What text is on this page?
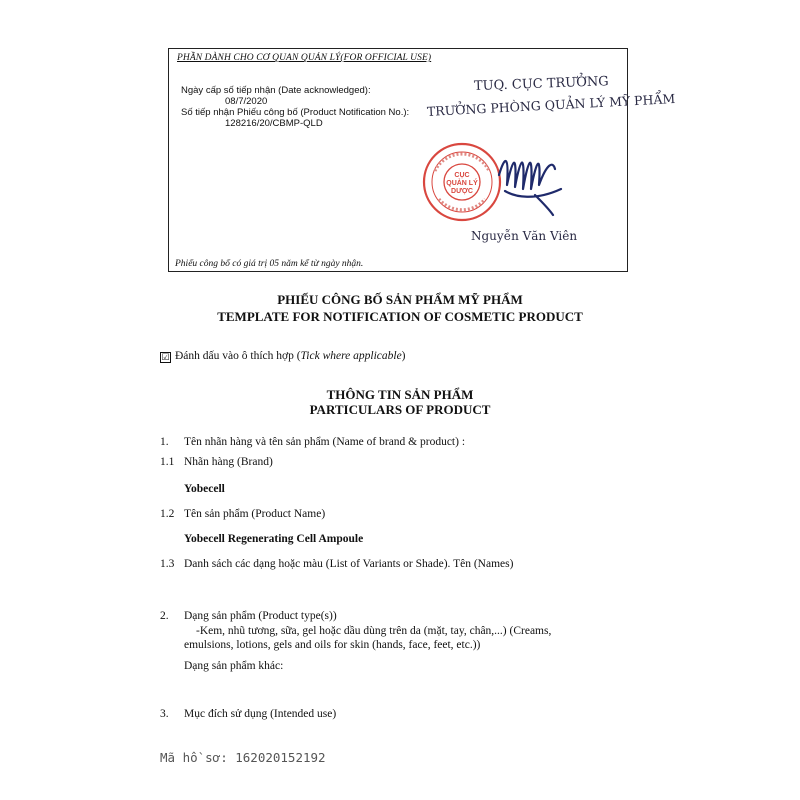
PHẦN DÀNH CHO CƠ QUAN QUẢN LÝ(FOR OFFICIAL USE)
Ngày cấp số tiếp nhận (Date acknowledged):
08/7/2020
Số tiếp nhận Phiếu công bố (Product Notification No.):
128216/20/CBMP-QLD
TUQ. CỤC TRƯỞNG
TRƯỞNG PHÒNG QUẢN LÝ MỸ PHẨM
CỤC
QUẢN LÝ
DƯỢC
Nguyễn Văn Viên
Phiếu công bố có giá trị 05 năm kể từ ngày nhận.
PHIẾU CÔNG BỐ SẢN PHẨM MỸ PHẨM
TEMPLATE FOR NOTIFICATION OF COSMETIC PRODUCT
☑ Đánh dấu vào ô thích hợp (Tick where applicable)
THÔNG TIN SẢN PHẨM
PARTICULARS OF PRODUCT
1. Tên nhãn hàng và tên sản phẩm (Name of brand & product) :
1.1 Nhãn hàng (Brand)
Yobecell
1.2 Tên sản phẩm (Product Name)
Yobecell Regenerating Cell Ampoule
1.3 Danh sách các dạng hoặc màu (List of Variants or Shade). Tên (Names)
2. Dạng sản phẩm (Product type(s))
-Kem, nhũ tương, sữa, gel hoặc dầu dùng trên da (mặt, tay, chân,...) (Creams,
emulsions, lotions, gels and oils for skin (hands, face, feet, etc.))
Dạng sản phẩm khác:
3. Mục đích sử dụng (Intended use)
Mã hồ sơ: 162020152192
